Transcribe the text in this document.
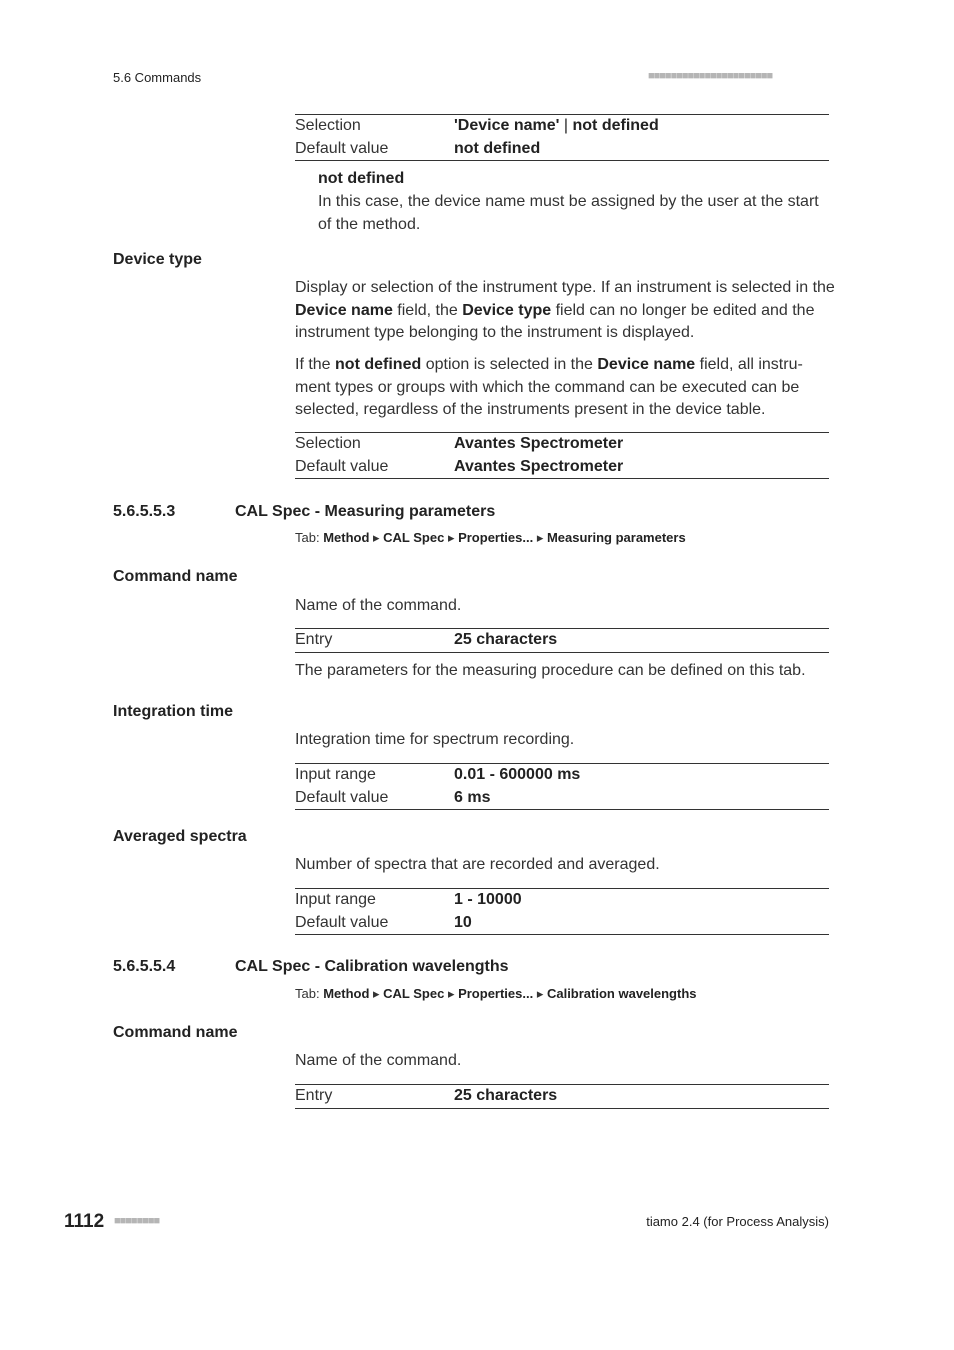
5.6 Commands	■■■■■■■■■■■■■■■■■■■■■■
Selection	'Device name' | not defined
Default value	not defined
not defined
In this case, the device name must be assigned by the user at the start of the method.
Device type
Display or selection of the instrument type. If an instrument is selected in the Device name field, the Device type field can no longer be edited and the instrument type belonging to the instrument is displayed.
If the not defined option is selected in the Device name field, all instru-ment types or groups with which the command can be executed can be selected, regardless of the instruments present in the device table.
Selection	Avantes Spectrometer
Default value	Avantes Spectrometer
5.6.5.5.3	CAL Spec - Measuring parameters
Tab: Method ▸ CAL Spec ▸ Properties... ▸ Measuring parameters
Command name
Name of the command.
Entry	25 characters
The parameters for the measuring procedure can be defined on this tab.
Integration time
Integration time for spectrum recording.
Input range	0.01 - 600000 ms
Default value	6 ms
Averaged spectra
Number of spectra that are recorded and averaged.
Input range	1 - 10000
Default value	10
5.6.5.5.4	CAL Spec - Calibration wavelengths
Tab: Method ▸ CAL Spec ▸ Properties... ▸ Calibration wavelengths
Command name
Name of the command.
Entry	25 characters
1112 ■■■■■■■■	tiamo 2.4 (for Process Analysis)
